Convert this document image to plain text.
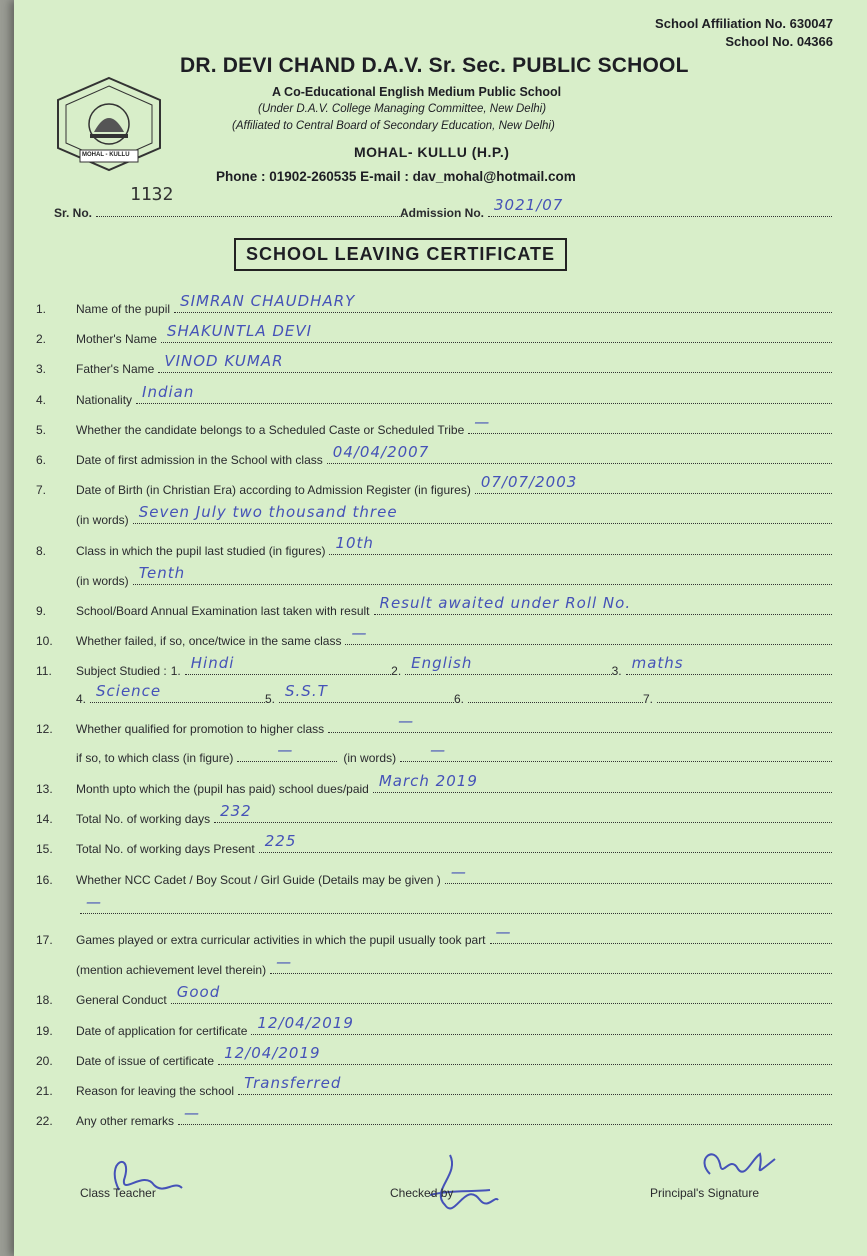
School Affiliation No. 630047
School No. 04366
MOHAL - KULLU
DR. DEVI CHAND D.A.V. Sr. Sec. PUBLIC SCHOOL
A Co-Educational English Medium Public School
(Under D.A.V. College Managing Committee, New Delhi)
(Affiliated to Central Board of Secondary Education, New Delhi)
MOHAL- KULLU (H.P.)
Phone : 01902-260535 E-mail : dav_mohal@hotmail.com
1132
Sr. No.	Admission No. 3021/07
SCHOOL LEAVING CERTIFICATE
1.	Name of the pupil SIMRAN CHAUDHARY
2.	Mother's Name SHAKUNTLA DEVI
3.	Father's Name VINOD KUMAR
4.	Nationality Indian
5.	Whether the candidate belongs to a Scheduled Caste or Scheduled Tribe —
6.	Date of first admission in the School with class 04/04/2007
7.	Date of Birth (in Christian Era) according to Admission Register (in figures) 07/07/2003
(in words) Seven July two thousand three
8.	Class in which the pupil last studied (in figures) 10th
(in words) Tenth
9.	School/Board Annual Examination last taken with result Result awaited under Roll No.
10.	Whether failed, if so, once/twice in the same class —
11.	Subject Studied : 1. Hindi	2. English	3. maths
4. Science	5. S.S.T	6.	7.
12.	Whether qualified for promotion to higher class	—
if so, to which class (in figure)	—	(in words) —
13.	Month upto which the (pupil has paid) school dues/paid March 2019
14.	Total No. of working days 232
15.	Total No. of working days Present 225
16.	Whether NCC Cadet / Boy Scout / Girl Guide (Details may be given ) —
—
17.	Games played or extra curricular activities in which the pupil usually took part —
(mention achievement level therein) —
18.	General Conduct Good
19.	Date of application for certificate 12/04/2019
20.	Date of issue of certificate 12/04/2019
21.	Reason for leaving the school Transferred
22.	Any other remarks —
Class Teacher	Checked by	Principal's Signature
